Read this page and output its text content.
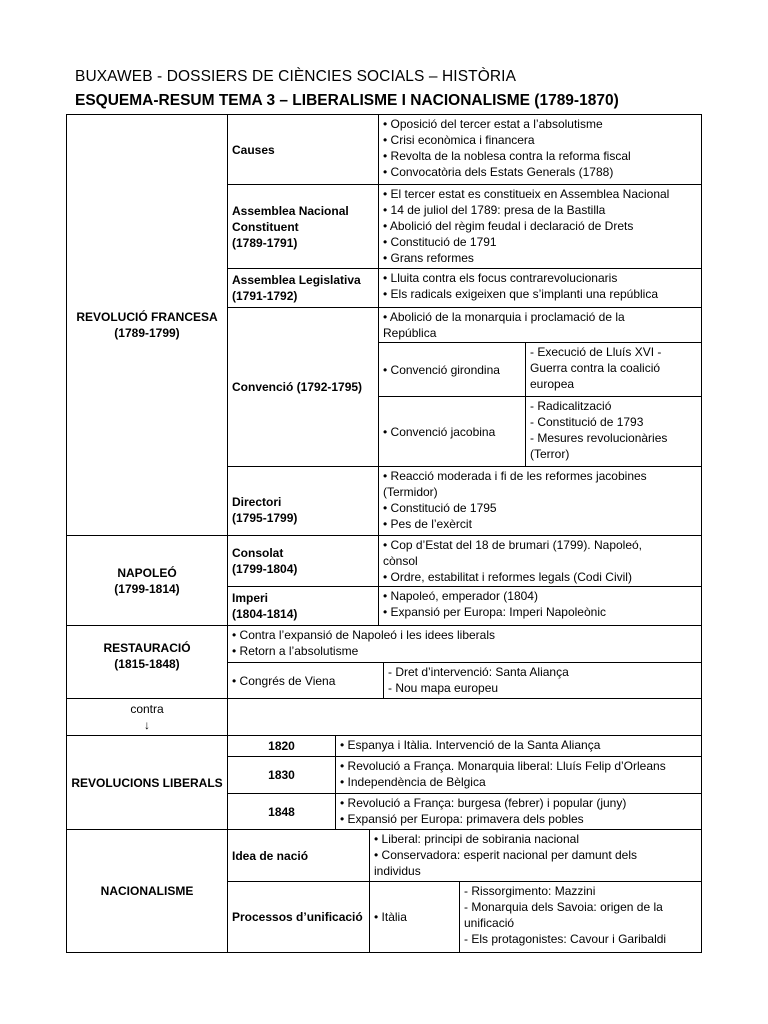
BUXAWEB - DOSSIERS DE CIÈNCIES SOCIALS – HISTÒRIA
ESQUEMA-RESUM TEMA 3 – LIBERALISME I NACIONALISME (1789-1870)
REVOLUCIÓ FRANCESA
(1789-1799)
Causes
• Oposició del tercer estat a l’absolutisme
• Crisi econòmica i financera
• Revolta de la noblesa contra la reforma fiscal
• Convocatòria dels Estats Generals (1788)
Assemblea Nacional
Constituent
(1789-1791)
• El tercer estat es constitueix en Assemblea Nacional
• 14 de juliol del 1789: presa de la Bastilla
• Abolició del règim feudal i declaració de Drets
• Constitució de 1791
• Grans reformes
Assemblea Legislativa
(1791-1792)
• Lluita contra els focus contrarevolucionaris
• Els radicals exigeixen que s’implanti una república
Convenció (1792-1795)
• Abolició de la monarquia i proclamació de la
República
• Convenció girondina
- Execució de Lluís XVI -
Guerra contra la coalició
europea
• Convenció jacobina
- Radicalització
- Constitució de 1793
- Mesures revolucionàries
(Terror)
Directori
(1795-1799)
• Reacció moderada i fi de les reformes jacobines
(Termidor)
• Constitució de 1795
• Pes de l’exèrcit
NAPOLEÓ
(1799-1814)
Consolat
(1799-1804)
• Cop d’Estat del 18 de brumari (1799). Napoleó,
cònsol
• Ordre, estabilitat i reformes legals (Codi Civil)
Imperi
(1804-1814)
• Napoleó, emperador (1804)
• Expansió per Europa: Imperi Napoleònic
RESTAURACIÓ
(1815-1848)
• Contra l’expansió de Napoleó i les idees liberals
• Retorn a l’absolutisme
• Congrés de Viena
- Dret d’intervenció: Santa Aliança
- Nou mapa europeu
contra
↓
REVOLUCIONS LIBERALS
1820	• Espanya i Itàlia. Intervenció de la Santa Aliança
1830
• Revolució a França. Monarquia liberal: Lluís Felip d’Orleans
• Independència de Bèlgica
1848
• Revolució a França: burgesa (febrer) i popular (juny)
• Expansió per Europa: primavera dels pobles
NACIONALISME
Idea de nació
• Liberal: principi de sobirania nacional
• Conservadora: esperit nacional per damunt dels
individus
Processos d’unificació • Itàlia
- Rissorgimento: Mazzini
- Monarquia dels Savoia: origen de la
unificació
- Els protagonistes: Cavour i Garibaldi
